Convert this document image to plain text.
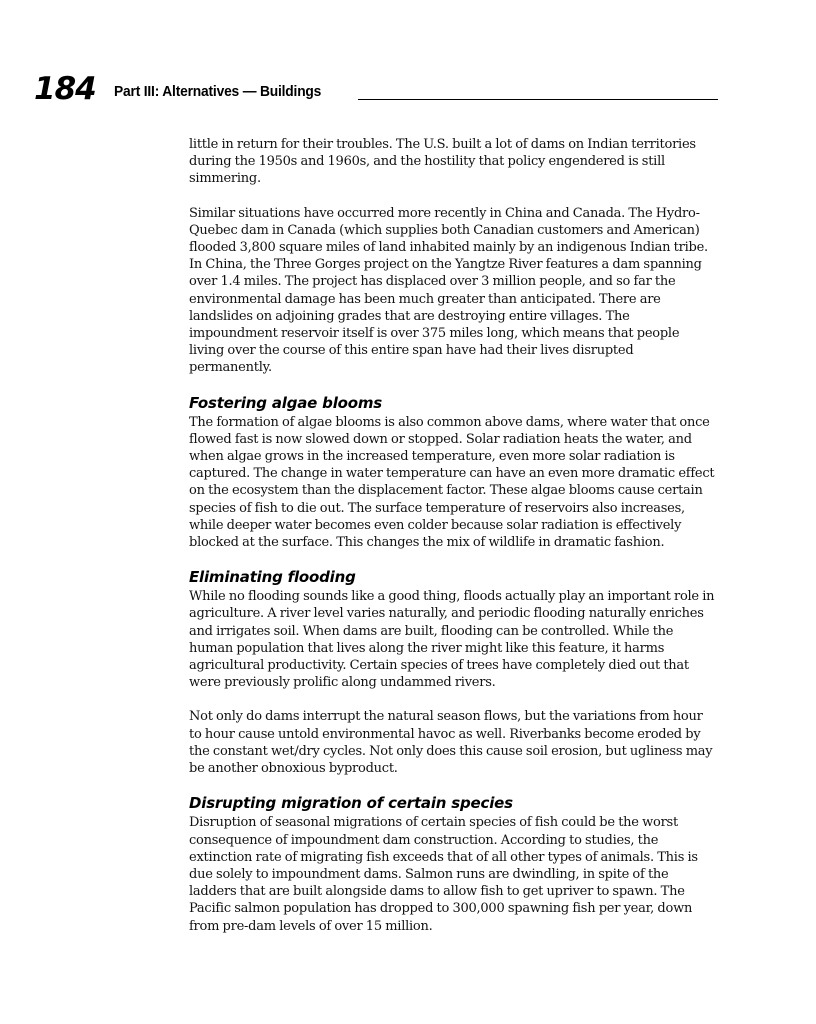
184 Part III: Alternatives — Buildings

little in return for their troubles. The U.S. built a lot of dams on Indian territories during the 1950s and 1960s, and the hostility that policy engendered is still simmering.

Similar situations have occurred more recently in China and Canada. The Hydro-Quebec dam in Canada (which supplies both Canadian customers and American) flooded 3,800 square miles of land inhabited mainly by an indigenous Indian tribe. In China, the Three Gorges project on the Yangtze River features a dam spanning over 1.4 miles. The project has displaced over 3 million people, and so far the environmental damage has been much greater than anticipated. There are landslides on adjoining grades that are destroying entire villages. The impoundment reservoir itself is over 375 miles long, which means that people living over the course of this entire span have had their lives disrupted permanently.

Fostering algae blooms

The formation of algae blooms is also common above dams, where water that once flowed fast is now slowed down or stopped. Solar radiation heats the water, and when algae grows in the increased temperature, even more solar radiation is captured. The change in water temperature can have an even more dramatic effect on the ecosystem than the displacement factor. These algae blooms cause certain species of fish to die out. The surface temperature of reservoirs also increases, while deeper water becomes even colder because solar radiation is effectively blocked at the surface. This changes the mix of wildlife in dramatic fashion.

Eliminating flooding

While no flooding sounds like a good thing, floods actually play an important role in agriculture. A river level varies naturally, and periodic flooding naturally enriches and irrigates soil. When dams are built, flooding can be controlled. While the human population that lives along the river might like this feature, it harms agricultural productivity. Certain species of trees have completely died out that were previously prolific along undammed rivers.

Not only do dams interrupt the natural season flows, but the variations from hour to hour cause untold environmental havoc as well. Riverbanks become eroded by the constant wet/dry cycles. Not only does this cause soil erosion, but ugliness may be another obnoxious byproduct.

Disrupting migration of certain species

Disruption of seasonal migrations of certain species of fish could be the worst consequence of impoundment dam construction. According to studies, the extinction rate of migrating fish exceeds that of all other types of animals. This is due solely to impoundment dams. Salmon runs are dwindling, in spite of the ladders that are built alongside dams to allow fish to get upriver to spawn. The Pacific salmon population has dropped to 300,000 spawning fish per year, down from pre-dam levels of over 15 million.
